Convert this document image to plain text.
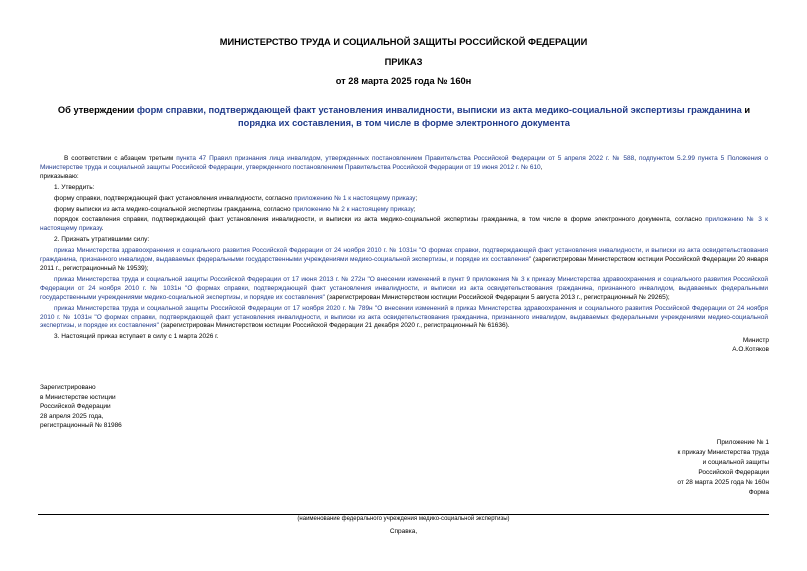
МИНИСТЕРСТВО ТРУДА И СОЦИАЛЬНОЙ ЗАЩИТЫ РОССИЙСКОЙ ФЕДЕРАЦИИ
ПРИКАЗ
от 28 марта 2025 года № 160н
Об утверждении форм справки, подтверждающей факт установления инвалидности, выписки из акта медико-социальной экспертизы гражданина и порядка их составления, в том числе в форме электронного документа

В соответствии с абзацем третьим пункта 47 Правил признания лица инвалидом, утвержденных постановлением Правительства Российской Федерации от 5 апреля 2022 г. № 588, подпунктом 5.2.99 пункта 5 Положения о Министерстве труда и социальной защиты Российской Федерации, утвержденного постановлением Правительства Российской Федерации от 19 июня 2012 г. № 610,

приказываю:

1. Утвердить:

форму справки, подтверждающей факт установления инвалидности, согласно приложению № 1 к настоящему приказу;

форму выписки из акта медико-социальной экспертизы гражданина, согласно приложению № 2 к настоящему приказу;

порядок составления справки, подтверждающей факт установления инвалидности, и выписки из акта медико-социальной экспертизы гражданина, в том числе в форме электронного документа, согласно приложению № 3 к настоящему приказу.

2. Признать утратившими силу:

приказ Министерства здравоохранения и социального развития Российской Федерации от 24 ноября 2010 г. № 1031н "О формах справки, подтверждающей факт установления инвалидности, и выписки из акта освидетельствования гражданина, признанного инвалидом, выдаваемых федеральными государственными учреждениями медико-социальной экспертизы, и порядке их составления" (зарегистрирован Министерством юстиции Российской Федерации 20 января 2011 г., регистрационный № 19539);

приказ Министерства труда и социальной защиты Российской Федерации от 17 июня 2013 г. № 272н "О внесении изменений в пункт 9 приложения № 3 к приказу Министерства здравоохранения и социального развития Российской Федерации от 24 ноября 2010 г. № 1031н "О формах справки, подтверждающей факт установления инвалидности, и выписки из акта освидетельствования гражданина, признанного инвалидом, выдаваемых федеральными государственными учреждениями медико-социальной экспертизы, и порядке их составления" (зарегистрирован Министерством юстиции Российской Федерации 5 августа 2013 г., регистрационный № 29265);

приказ Министерства труда и социальной защиты Российской Федерации от 17 ноября 2020 г. № 789н "О внесении изменений в приказ Министерства здравоохранения и социального развития Российской Федерации от 24 ноября 2010 г. № 1031н "О формах справки, подтверждающей факт установления инвалидности, и выписки из акта освидетельствования гражданина, признанного инвалидом, выдаваемых федеральными учреждениями медико-социальной экспертизы, и порядке их составления" (зарегистрирован Министерством юстиции Российской Федерации 21 декабря 2020 г., регистрационный № 61636).

3. Настоящий приказ вступает в силу с 1 марта 2026 г.

Министр
А.О.Котяков
Зарегистрировано
в Министерстве юстиции
Российской Федерации
28 апреля 2025 года,
регистрационный № 81986
Приложение № 1
к приказу Министерства труда
и социальной защиты
Российской Федерации
от 28 марта 2025 года № 160н
Форма
(наименование федерального учреждения медико-социальной экспертизы)
Справка,
